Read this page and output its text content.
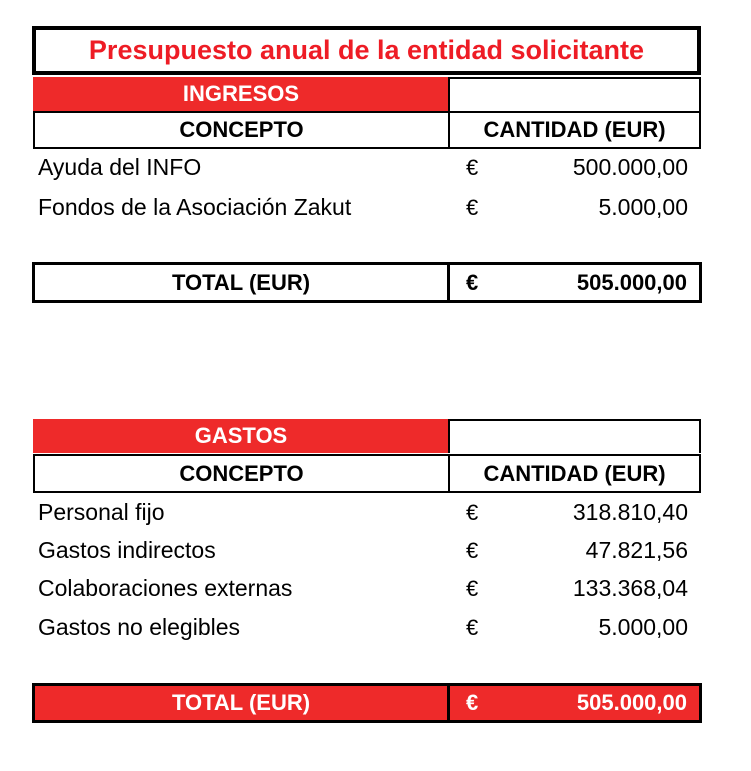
Presupuesto anual de la entidad solicitante
INGRESOS
CONCEPTO	CANTIDAD (EUR)
Ayuda del INFO	€	500.000,00
Fondos de la Asociación Zakut	€	5.000,00
TOTAL (EUR)	€	505.000,00
GASTOS
CONCEPTO	CANTIDAD (EUR)
Personal fijo	€	318.810,40
Gastos indirectos	€	47.821,56
Colaboraciones externas	€	133.368,04
Gastos no elegibles	€	5.000,00
TOTAL (EUR)	€	505.000,00
